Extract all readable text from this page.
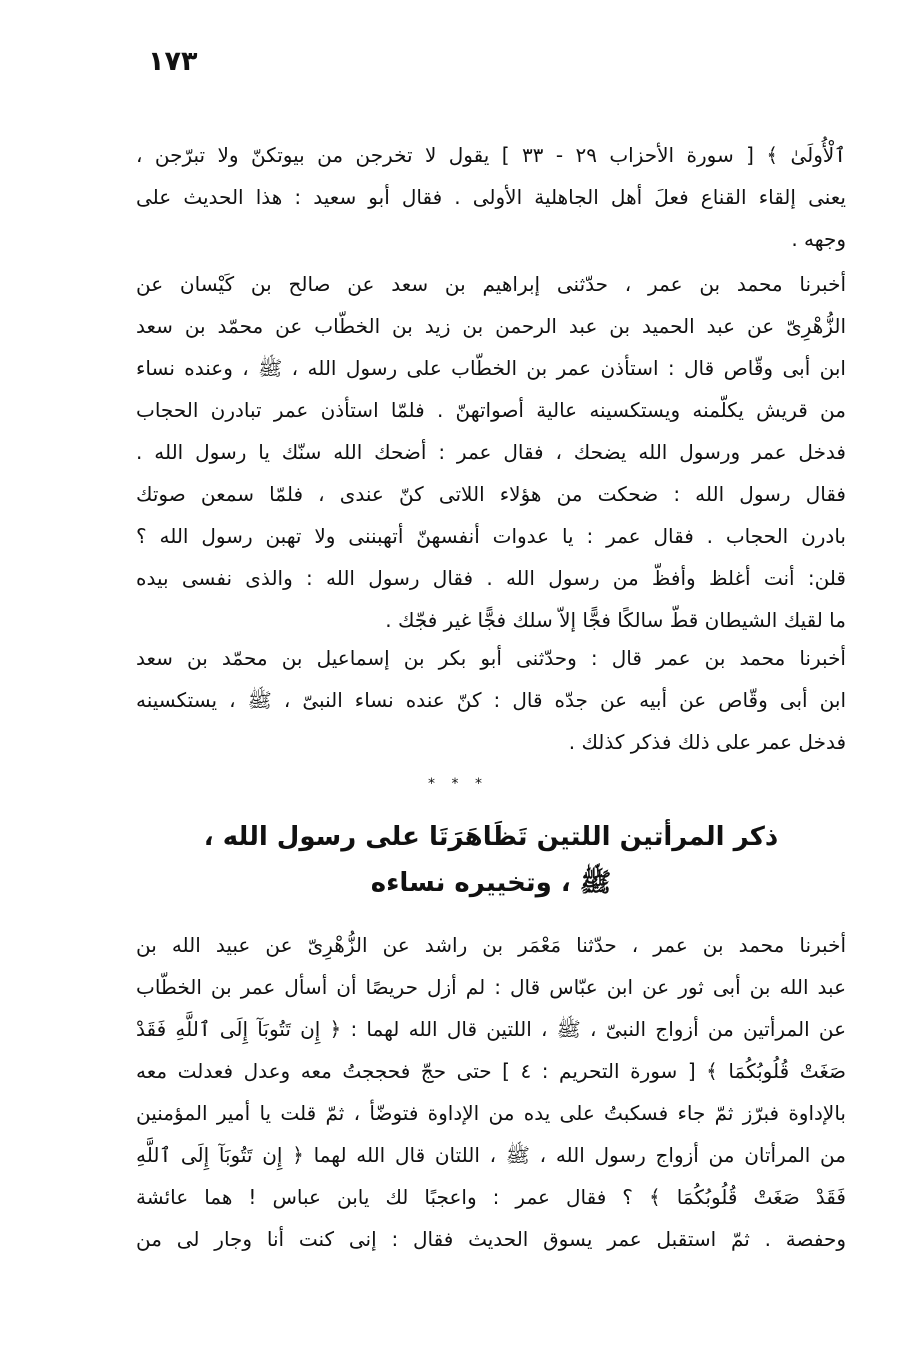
١٧٣
ٱلْأُولَىٰ ﴾ [ سورة الأحزاب ٢٩ - ٣٣ ] يقول لا تخرجن من بيوتكنّ ولا تبرّجن ،
يعنى إلقاء القناع فعلَ أهل الجاهلية الأولى . فقال أبو سعيد : هذا الحديث على
وجهه .
أخبرنا محمد بن عمر ، حدّثنى إبراهيم بن سعد عن صالح بن كَيْسان عن
الزُّهْرِىّ عن عبد الحميد بن عبد الرحمن بن زيد بن الخطّاب عن محمّد بن سعد
ابن أبى وقّاص قال : استأذن عمر بن الخطّاب على رسول الله ، ﷺ ، وعنده نساء
من قريش يكلّمنه ويستكسينه عالية أصواتهنّ . فلمّا استأذن عمر تبادرن الحجاب
فدخل عمر ورسول الله يضحك ، فقال عمر : أضحك الله سنّك يا رسول الله .
فقال رسول الله : ضحكت من هؤلاء اللاتى كنّ عندى ، فلمّا سمعن صوتك
بادرن الحجاب . فقال عمر : يا عدوات أنفسهنّ أتهبننى ولا تهبن رسول الله ؟
قلن: أنت أغلظ وأفظّ من رسول الله . فقال رسول الله : والذى نفسى بيده
ما لقيك الشيطان قطّ سالكًا فجًّا إلاّ سلك فجًّا غير فجّك .
أخبرنا محمد بن عمر قال : وحدّثنى أبو بكر بن إسماعيل بن محمّد بن سعد
ابن أبى وقّاص عن أبيه عن جدّه قال : كنّ عنده نساء النبىّ ، ﷺ ، يستكسينه
فدخل عمر على ذلك فذكر كذلك .
* * *
ذكر المرأتين اللتين تَظَاهَرَتَا على رسول الله ،
ﷺ ، وتخييره نساءه
أخبرنا محمد بن عمر ، حدّثنا مَعْمَر بن راشد عن الزُّهْرِىّ عن عبيد الله بن
عبد الله بن أبى ثور عن ابن عبّاس قال : لم أزل حريصًا أن أسأل عمر بن الخطّاب
عن المرأتين من أزواج النبىّ ، ﷺ ، اللتين قال الله لهما : ﴿ إِن تَتُوبَآ إِلَى ٱللَّهِ فَقَدْ
صَغَتْ قُلُوبُكُمَا ﴾ [ سورة التحريم : ٤ ] حتى حجّ فحججتُ معه وعدل فعدلت معه
بالإداوة فبرّز ثمّ جاء فسكبتُ على يده من الإداوة فتوضّأ ، ثمّ قلت يا أمير المؤمنين
من المرأتان من أزواج رسول الله ، ﷺ ، اللتان قال الله لهما ﴿ إِن تَتُوبَآ إِلَى ٱللَّهِ
فَقَدْ صَغَتْ قُلُوبُكُمَا ﴾ ؟ فقال عمر : واعجبًا لك يابن عباس ! هما عائشة
وحفصة . ثمّ استقبل عمر يسوق الحديث فقال : إنى كنت أنا وجار لى من
